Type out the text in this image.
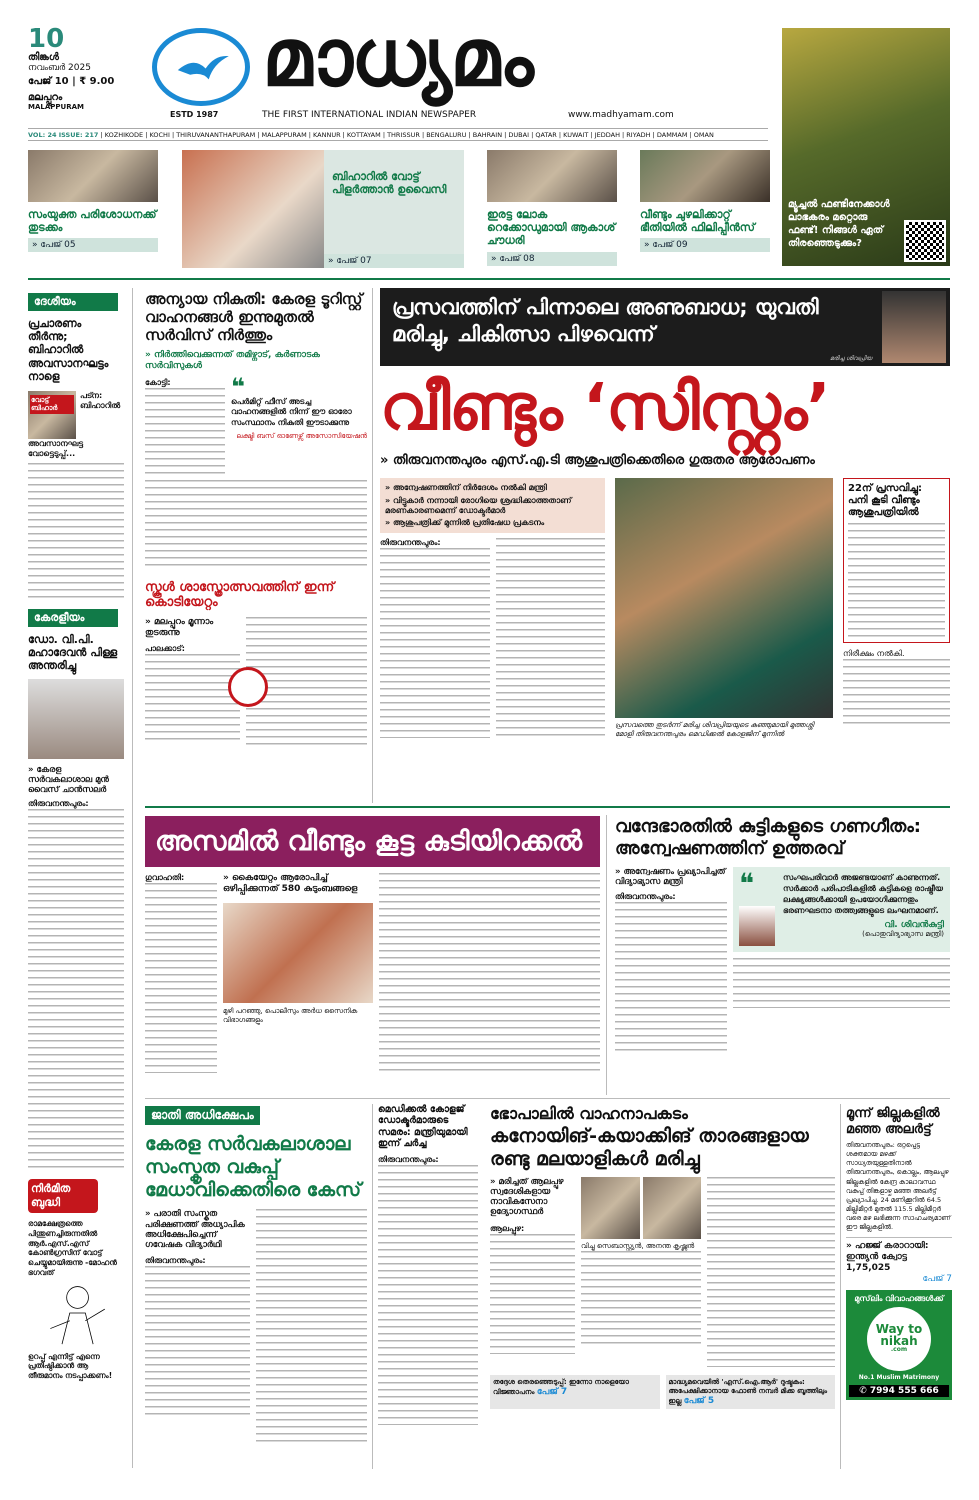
10
തിങ്കൾ
നവംബർ 2025
പേജ് 10 | ₹ 9.00
മലപ്പുറം
MALAPPURAM
ESTD 1987
മാധ്യമം
THE FIRST INTERNATIONAL INDIAN NEWSPAPER	www.madhyamam.com
മ്യൂച്ചൽ ഫണ്ടിനേക്കാൾ ലാഭകരം മറ്റൊരു ഫണ്ട്! നിങ്ങൾ ഏത് തിരഞ്ഞെടുക്കും?
VOL: 24 ISSUE: 217 | KOZHIKODE | KOCHI | THIRUVANANTHAPURAM | MALAPPURAM | KANNUR | KOTTAYAM | THRISSUR | BENGALURU | BAHRAIN | DUBAI | QATAR | KUWAIT | JEDDAH | RIYADH | DAMMAM | OMAN
സംയുക്ത പരിശോധനക്ക് തുടക്കം
» പേജ് 05
ബിഹാറിൽ വോട്ട് പിളർത്താൻ ഉവൈസി
» പേജ് 07
ഇരട്ട ലോക റെക്കോഡുമായി ആകാശ് ചൗധരി
» പേജ് 08
വീണ്ടും ചുഴലിക്കാറ്റ് ഭീതിയിൽ ഫിലിപ്പീൻസ്
» പേജ് 09
ദേശീയം
പ്രചാരണം തീർന്നു; ബിഹാറിൽ അവസാനഘട്ടം നാളെ
വോട്ട് ബിഹാർ
പട്ന: ബിഹാറിൽ അവസാനഘട്ട വോട്ടെടുപ്പ്...
കേരളീയം
ഡോ. വി.പി. മഹാദേവൻ പിള്ള അന്തരിച്ചു
» കേരള സർവകലാശാല മുൻ വൈസ് ചാൻസലർ
തിരുവനന്തപുരം:
നിർമിത ബുദ്ധി
രാമക്ഷേത്രത്തെ പിന്തുണച്ചിരുന്നതിൽ ആർ.എസ്.എസ് കോൺഗ്രസിന് വോട്ട് ചെയ്യുമായിരുന്നു -മോഹൻ ഭഗവത്
ഉറപ്പ് എന്നിട്ട് എന്നെ പ്രതിഷ്ഠിക്കാൻ ആ തീരുമാനം നടപ്പാക്കണം!
അന്യായ നികുതി: കേരള ടൂറിസ്റ്റ് വാഹനങ്ങൾ ഇന്നുമുതൽ സർവിസ് നിർത്തും
» നിർത്തിവെക്കുന്നത് തമിഴ്നാട്, കർണാടക സർവിസുകൾ
കോട്ടി:	❝
പെർമിറ്റ് ഫീസ് അടച്ച വാഹനങ്ങളിൽ നിന്ന് ഈ ഓരോ സംസ്ഥാനം നികുതി ഈടാക്കുന്നു
ലക്ഷ്മി ബസ് ഓണേഴ്സ് അസോസിയേഷൻ
സ്കൂൾ ശാസ്ത്രോത്സവത്തിന് ഇന്ന് കൊടിയേറ്റം
» മലപ്പുറം മൂന്നാം തുടരുന്നു
പാലക്കാട്:
പ്രസവത്തിന് പിന്നാലെ അണുബാധ; യുവതി മരിച്ചു, ചികിത്സാ പിഴവെന്ന്
മരിച്ച ശിവപ്രിയ
വീണ്ടും ‘സിസ്റ്റം’
» തിരുവനന്തപുരം എസ്.എ.ടി ആശുപത്രിക്കെതിരെ ഗുരുതര ആരോപണം
» അന്വേഷണത്തിന് നിർദേശം നൽകി മന്ത്രി
» വിട്ടുകാർ നന്നായി രോഗിയെ ശ്രദ്ധിക്കാത്തതാണ് മരണകാരണമെന്ന് ഡോക്ടർമാർ
» ആശുപത്രിക്ക് മുന്നിൽ പ്രതിഷേധ പ്രകടനം
തിരുവനന്തപുരം:
പ്രസവത്തെ തുടർന്ന് മരിച്ച ശിവപ്രിയയുടെ കുഞ്ഞുമായി മുത്തശ്ശി മോളി തിരുവനന്തപുരം മെഡിക്കൽ കോളജിന് മുന്നിൽ
22ന് പ്രസവിച്ചു: പനി കൂടി വീണ്ടും ആശുപത്രിയിൽ
നിരീക്ഷം നൽകി.
അസമിൽ വീണ്ടും കൂട്ട കുടിയിറക്കൽ
ഗുവാഹതി:	» കൈയേറ്റം ആരോപിച്ച് ഒഴിപ്പിക്കുന്നത് 580 കുടുംബങ്ങളെ
മുഴി പറഞ്ഞു, പൊലീസും അർധ സൈനിക വിഭാഗങ്ങളും
വന്ദേഭാരതിൽ കുട്ടികളുടെ ഗണഗീതം: അന്വേഷണത്തിന് ഉത്തരവ്
» അന്വേഷണം പ്രഖ്യാപിച്ചത് വിദ്യാഭ്യാസ മന്ത്രി
തിരുവനന്തപുരം:	❝	സംഘപരിവാർ അജണ്ടയാണ് കാണുന്നത്. സർക്കാർ പരിപാടികളിൽ കുട്ടികളെ രാഷ്ട്രീയ ലക്ഷ്യങ്ങൾക്കായി ഉപയോഗിക്കുന്നതും ഭരണഘടനാ തത്ത്വങ്ങളുടെ ലംഘനമാണ്.
വി. ശിവൻകുട്ടി
(പൊതുവിദ്യാഭ്യാസ മന്ത്രി)
ജാതി അധിക്ഷേപം
കേരള സർവകലാശാല സംസ്കൃത വകുപ്പ് മേധാവിക്കെതിരെ കേസ്
» പരാതി സംസ്കൃത പരിക്ഷണത്ത് അധ്യാപിക അധിക്ഷേപിച്ചെന്ന് ഗവേഷക വിദ്യാർഥി
തിരുവനന്തപുരം:
മെഡിക്കൽ കോളജ് ഡോക്ടർമാരുടെ സമരം: മന്ത്രിയുമായി ഇന്ന് ചർച്ച
തിരുവനന്തപുരം:
ഭോപാലിൽ വാഹനാപകടം
കനോയിങ്-കയാക്കിങ് താരങ്ങളായ രണ്ടു മലയാളികൾ മരിച്ചു
» മരിച്ചത് ആലപ്പുഴ സ്വദേശികളായ നാവികസേനാ ഉദ്യോഗസ്ഥർ
ആലപ്പുഴ:
വിച്ചു സെബാസ്റ്റ്യൻ, അനന്ത കൃഷ്ണൻ
തദ്ദേശ തെരഞ്ഞെടുപ്പ്: ഇന്നോ നാളെയോ വിജ്ഞാപനം പേജ് 7
മാദ്ധ്യമവെയിൽ 'എസ്.ഐ.ആർ' ദുഷ്ടകം: അപേക്ഷിക്കാനായ ഫോൺ നമ്പർ മിക്ക ബൂത്തിലും ഇല്ല പേജ് 5
മൂന്ന് ജില്ലകളിൽ മഞ്ഞ അലർട്ട്
തിരുവനന്തപുരം: ഒറ്റപ്പെട്ട ശക്തമായ മഴക്ക് സാധ്യതയുള്ളതിനാൽ തിരുവനന്തപുരം, കൊല്ലം, ആലപ്പുഴ ജില്ലകളിൽ കേന്ദ്ര കാലാവസ്ഥ വകുപ്പ് തിങ്കളാഴ്ച മഞ്ഞ അലർട്ട് പ്രഖ്യാപിച്ചു. 24 മണിക്കൂറിൽ 64.5 മില്ലിമീറ്റർ മുതൽ 115.5 മില്ലിമീറ്റർ വരെ മഴ ലഭിക്കുന്ന സാഹചര്യമാണ് ഈ ജില്ലകളിൽ.
» ഹജ്ജ് കരാറായി: ഇന്ത്യൻ ക്വോട്ട 1,75,025
പേജ് 7
മുസ്‌ലിം വിവാഹങ്ങൾക്ക്
Way to nikah
.com
No.1 Muslim Matrimony
✆ 7994 555 666
